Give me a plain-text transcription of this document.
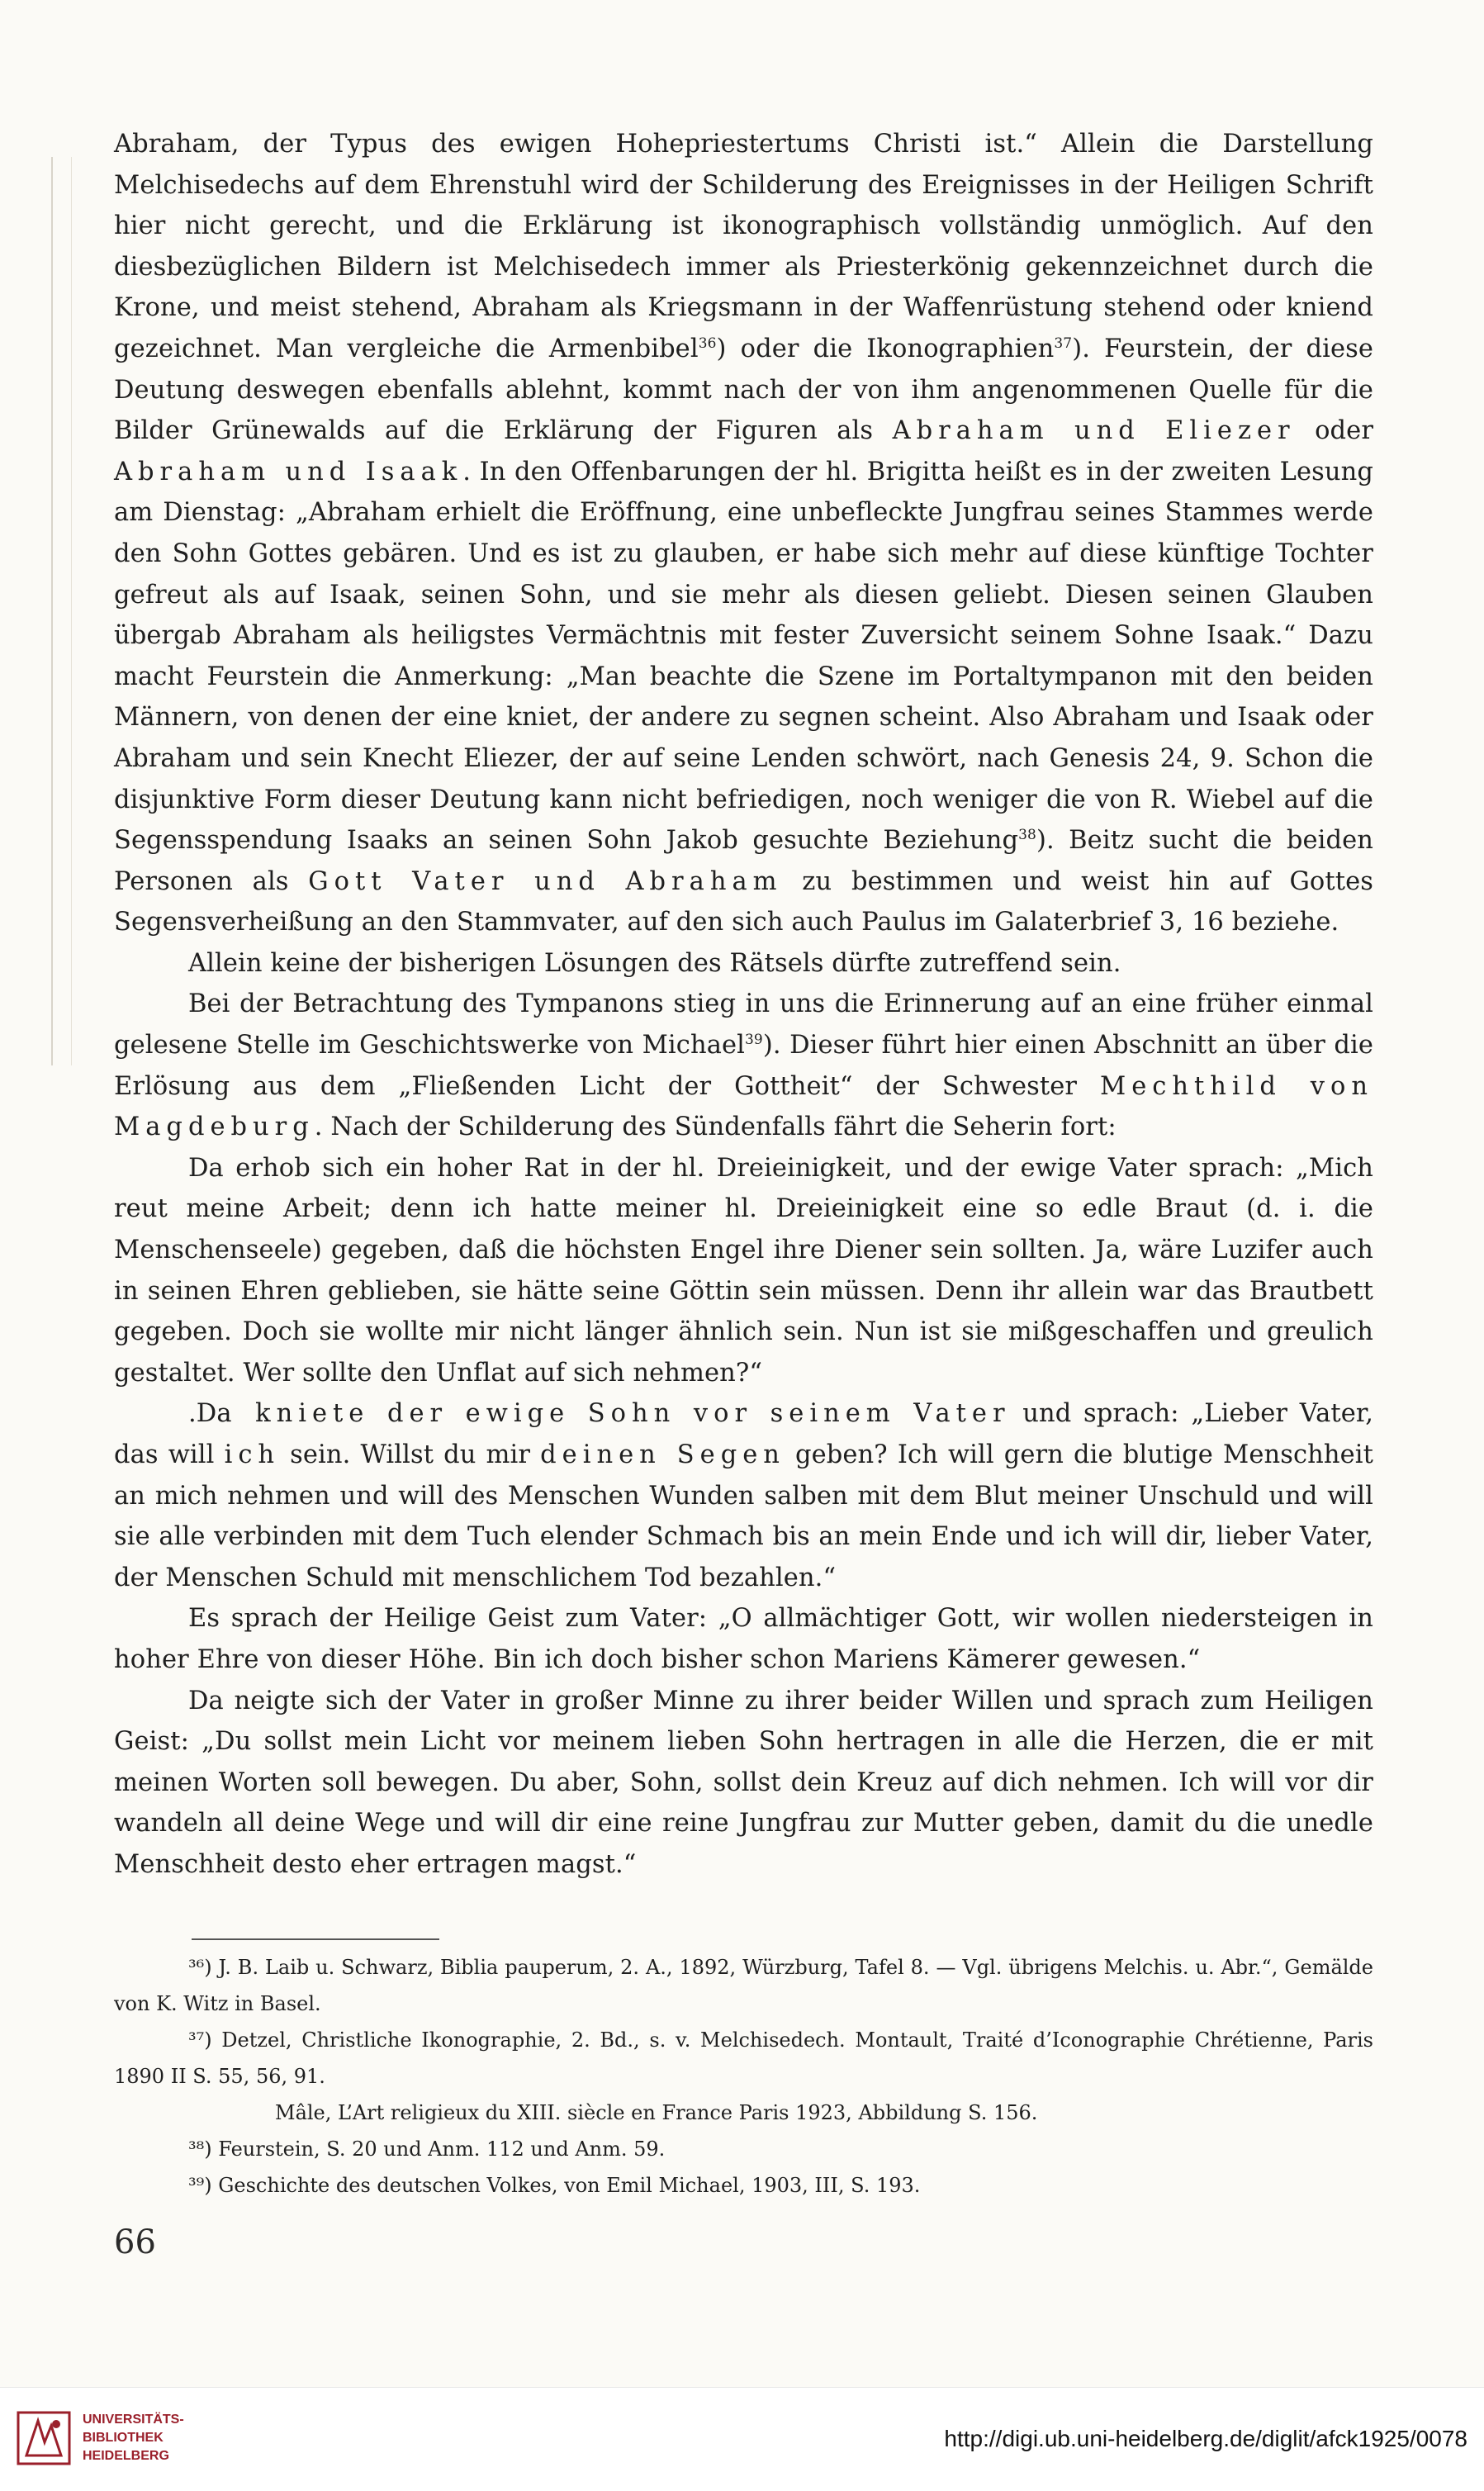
Abraham, der Typus des ewigen Hohepriestertums Christi ist.“ Allein die Darstellung Melchisedechs auf dem Ehrenstuhl wird der Schilderung des Ereignisses in der Heiligen Schrift hier nicht gerecht, und die Erklärung ist ikonographisch vollständig unmöglich. Auf den diesbezüglichen Bildern ist Melchisedech immer als Priesterkönig gekennzeichnet durch die Krone, und meist stehend, Abraham als Kriegsmann in der Waffenrüstung stehend oder kniend gezeichnet. Man vergleiche die Armenbibel$^{36}$) oder die Ikonographien$^{37}$). Feurstein, der diese Deutung deswegen ebenfalls ablehnt, kommt nach der von ihm angenommenen Quelle für die Bilder Grünewalds auf die Erklärung der Figuren als Abraham und Eliezer oder Abraham und Isaak. In den Offenbarungen der hl. Brigitta heißt es in der zweiten Lesung am Dienstag: „Abraham erhielt die Eröffnung, eine unbefleckte Jungfrau seines Stammes werde den Sohn Gottes gebären. Und es ist zu glauben, er habe sich mehr auf diese künftige Tochter gefreut als auf Isaak, seinen Sohn, und sie mehr als diesen geliebt. Diesen seinen Glauben übergab Abraham als heiligstes Vermächtnis mit fester Zuversicht seinem Sohne Isaak.“ Dazu macht Feurstein die Anmerkung: „Man beachte die Szene im Portaltympanon mit den beiden Männern, von denen der eine kniet, der andere zu segnen scheint. Also Abraham und Isaak oder Abraham und sein Knecht Eliezer, der auf seine Lenden schwört, nach Genesis 24, 9. Schon die disjunktive Form dieser Deutung kann nicht befriedigen, noch weniger die von R. Wiebel auf die Segensspendung Isaaks an seinen Sohn Jakob gesuchte Beziehung$^{38}$). Beitz sucht die beiden Personen als Gott Vater und Abraham zu bestimmen und weist hin auf Gottes Segensverheißung an den Stammvater, auf den sich auch Paulus im Galaterbrief 3, 16 beziehe.

Allein keine der bisherigen Lösungen des Rätsels dürfte zutreffend sein.

Bei der Betrachtung des Tympanons stieg in uns die Erinnerung auf an eine früher einmal gelesene Stelle im Geschichtswerke von Michael$^{39}$). Dieser führt hier einen Abschnitt an über die Erlösung aus dem „Fließenden Licht der Gottheit“ der Schwester Mechthild von Magdeburg. Nach der Schilderung des Sündenfalls fährt die Seherin fort:

Da erhob sich ein hoher Rat in der hl. Dreieinigkeit, und der ewige Vater sprach: „Mich reut meine Arbeit; denn ich hatte meiner hl. Dreieinigkeit eine so edle Braut (d. i. die Menschenseele) gegeben, daß die höchsten Engel ihre Diener sein sollten. Ja, wäre Luzifer auch in seinen Ehren geblieben, sie hätte seine Göttin sein müssen. Denn ihr allein war das Brautbett gegeben. Doch sie wollte mir nicht länger ähnlich sein. Nun ist sie mißgeschaffen und greulich gestaltet. Wer sollte den Unflat auf sich nehmen?“

.Da kniete der ewige Sohn vor seinem Vater und sprach: „Lieber Vater, das will ich sein. Willst du mir deinen Segen geben? Ich will gern die blutige Menschheit an mich nehmen und will des Menschen Wunden salben mit dem Blut meiner Unschuld und will sie alle verbinden mit dem Tuch elender Schmach bis an mein Ende und ich will dir, lieber Vater, der Menschen Schuld mit menschlichem Tod bezahlen.“

Es sprach der Heilige Geist zum Vater: „O allmächtiger Gott, wir wollen niedersteigen in hoher Ehre von dieser Höhe. Bin ich doch bisher schon Mariens Kämerer gewesen.“

Da neigte sich der Vater in großer Minne zu ihrer beider Willen und sprach zum Heiligen Geist: „Du sollst mein Licht vor meinem lieben Sohn hertragen in alle die Herzen, die er mit meinen Worten soll bewegen. Du aber, Sohn, sollst dein Kreuz auf dich nehmen. Ich will vor dir wandeln all deine Wege und will dir eine reine Jungfrau zur Mutter geben, damit du die unedle Menschheit desto eher ertragen magst.“

³⁶) J. B. Laib u. Schwarz, Biblia pauperum, 2. A., 1892, Würzburg, Tafel 8. — Vgl. übrigens Melchis. u. Abr.“, Gemälde von K. Witz in Basel.

³⁷) Detzel, Christliche Ikonographie, 2. Bd., s. v. Melchisedech. Montault, Traité d’Iconographie Chrétienne, Paris 1890 II S. 55, 56, 91.

Mâle, L’Art religieux du XIII. siècle en France Paris 1923, Abbildung S. 156.

³⁸) Feurstein, S. 20 und Anm. 112 und Anm. 59.

³⁹) Geschichte des deutschen Volkes, von Emil Michael, 1903, III, S. 193.

66
UNIVERSITÄTS-
BIBLIOTHEK
HEIDELBERG
http://digi.ub.uni-heidelberg.de/diglit/afck1925/0078
